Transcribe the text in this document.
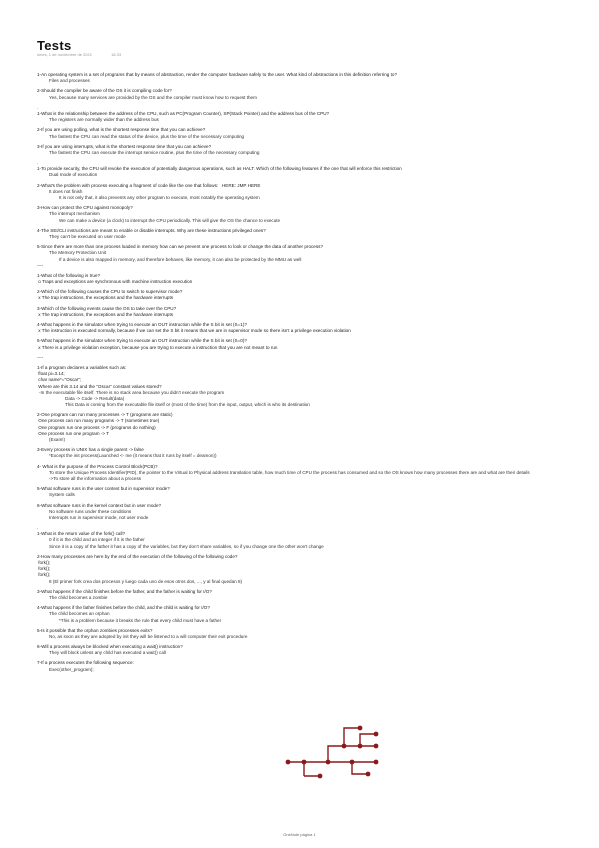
Tests
lunes, 1 de noviembre de 2021	18:33
1-An operating system is a set of programs that by means of abstraction, render the computer hardware safely to the user. What kind of abstractions in this definition referring to?
Files and processes
2-Should the compiler be aware of the OS it is compiling code for?
Yes, because many services are provided by the OS and the compiler must know how to request them
.
1-What is the relationship between the address of the CPU, such as PC(Program Counter), SP(Stack Pointer) and the address bus of the CPU?
The registers are normally wider than the address bus
2-If you are using polling, what is the shortest response time that you can achieve?
The fastest the CPU can read the status of the device, plus the time of the necessary computing
3-If you are using interrupts, what is the shortest response time that you can achieve?
The fastest the CPU can execute the interrupt service routine, plus the time of the necessary computing
.
1-To provide security, the CPU will revoke the execution of potentially dangerous operations, such as HALT. Which of the following features if the one that will enforce this restriction
Dual mode of execution
2-What's the problem with process executing a fragment of code like the one that follows:   HERE: JMP HERE
It does not finish
It is not only that, it also prevents any other program to execute, most notably the operating system
3-How can protect the CPU against monopoly?
The interrupt mechanism
We can make a device (a clock) to interrupt the CPU periodically. This will give the OS the chance to execute
4-The SEI/CLI instructions are meant to enable or disable interrupts. Why are these instructions privileged ones?
They can't be executed on user mode
5-Since there are more than one process loaded in memory how can we prevent one process to look or change the data of another process?
The Memory Protection Unit
If a device is also mapped in memory, and therefore behaves, like memory, it can also be protected by the MMU as well
----
1-What of the following is true?
o Traps and exceptions are synchronous with machine instruction execution
2-Which of the following causes the CPU to switch to supervisor mode?
x The trap instructions, the exceptions and the hardware interrupts
3-Which of the following events cause the OS to take over the CPU?
x The trap instructions, the exceptions and the hardware interrupts
4-What happens in the simulator when trying to execute an OUT instruction while the S bit is set (S=1)?
x The instruction is executed normally, because if we can set the S bit it means that we are in supervisor mode so there isn't a privilege execution violation
5-What happens in the simulator when trying to execute an OUT instruction while the S bit is set (S=0)?
x There is a privilege violation exception, because you are trying to execute a instruction that you are not meant to run
----
1-If a program declares a variables such as:
float pi=3.14;
char name*="Oscar";
Where are this 3.14 and the "Oscar" constant values stored?
-In the executable file itself. There is no stack area because you didn't execute the program
Data -> Code -> Result(data)
This Data is coming from the executable file itself or (most of the time) from the input, output, which is who its destination
2-One program can run many processes -> T (programs are static)
One process can run many programs -> T (sometimes true)
One program run one process -> F (programs do nothing)
One process run one program -> T
(Exam!)
3-Every process in UNIX has a single parent -> false
*Except the init process(Launched <- me (it means that it runs by itself = deamon))
4- What is the purpose of the Process Control Block(PCB)?
To store the Unique Process Identifier(PID), the pointer to the Virtual to Physical address translation table, how much time of CPU the process has consumed and so the OS knows how many processes there are and what are their details
->To store all the information about a process
5-What software runs in the user context but in supervisor mode?
System calls
6-What software runs in the kernel context but in user mode?
No software runs under these conditions
Interrupts run in supervisor mode, not user mode
.
1-What is the return value of the fork() call?
0 if it is the child and an integer if it is the father
Since it is a copy of the father it has a copy of the variables, but they don't share variables, so if you change one the other won't change
2-How many processes are here by the end of the execution of the following of the following code?
fork();
fork();
fork();
8 (El primer fork crea dos procesos y luego cada uno de esos otros dos, ..., y al final quedan 8)
3-What happens if the child finishes before the father, and the father is waiting for I/O?
The child becomes a zombie
4-What happens if the father finishes before the child, and the child is waiting for I/O?
The child becomes an orphan
*This is a problem because it breaks the rule that every child must have a father
5-Is it possible that the orphan zombies processes exits?
No, as soon as they are adopted by init they will be listened to a will computer their exit procedure
6-Will a process always be blocked when executing a wait() instruction?
They will block unless any child has executed a wait() call
7-If a process executes the following sequence:
Exec(other_program);
OneNote página 1
